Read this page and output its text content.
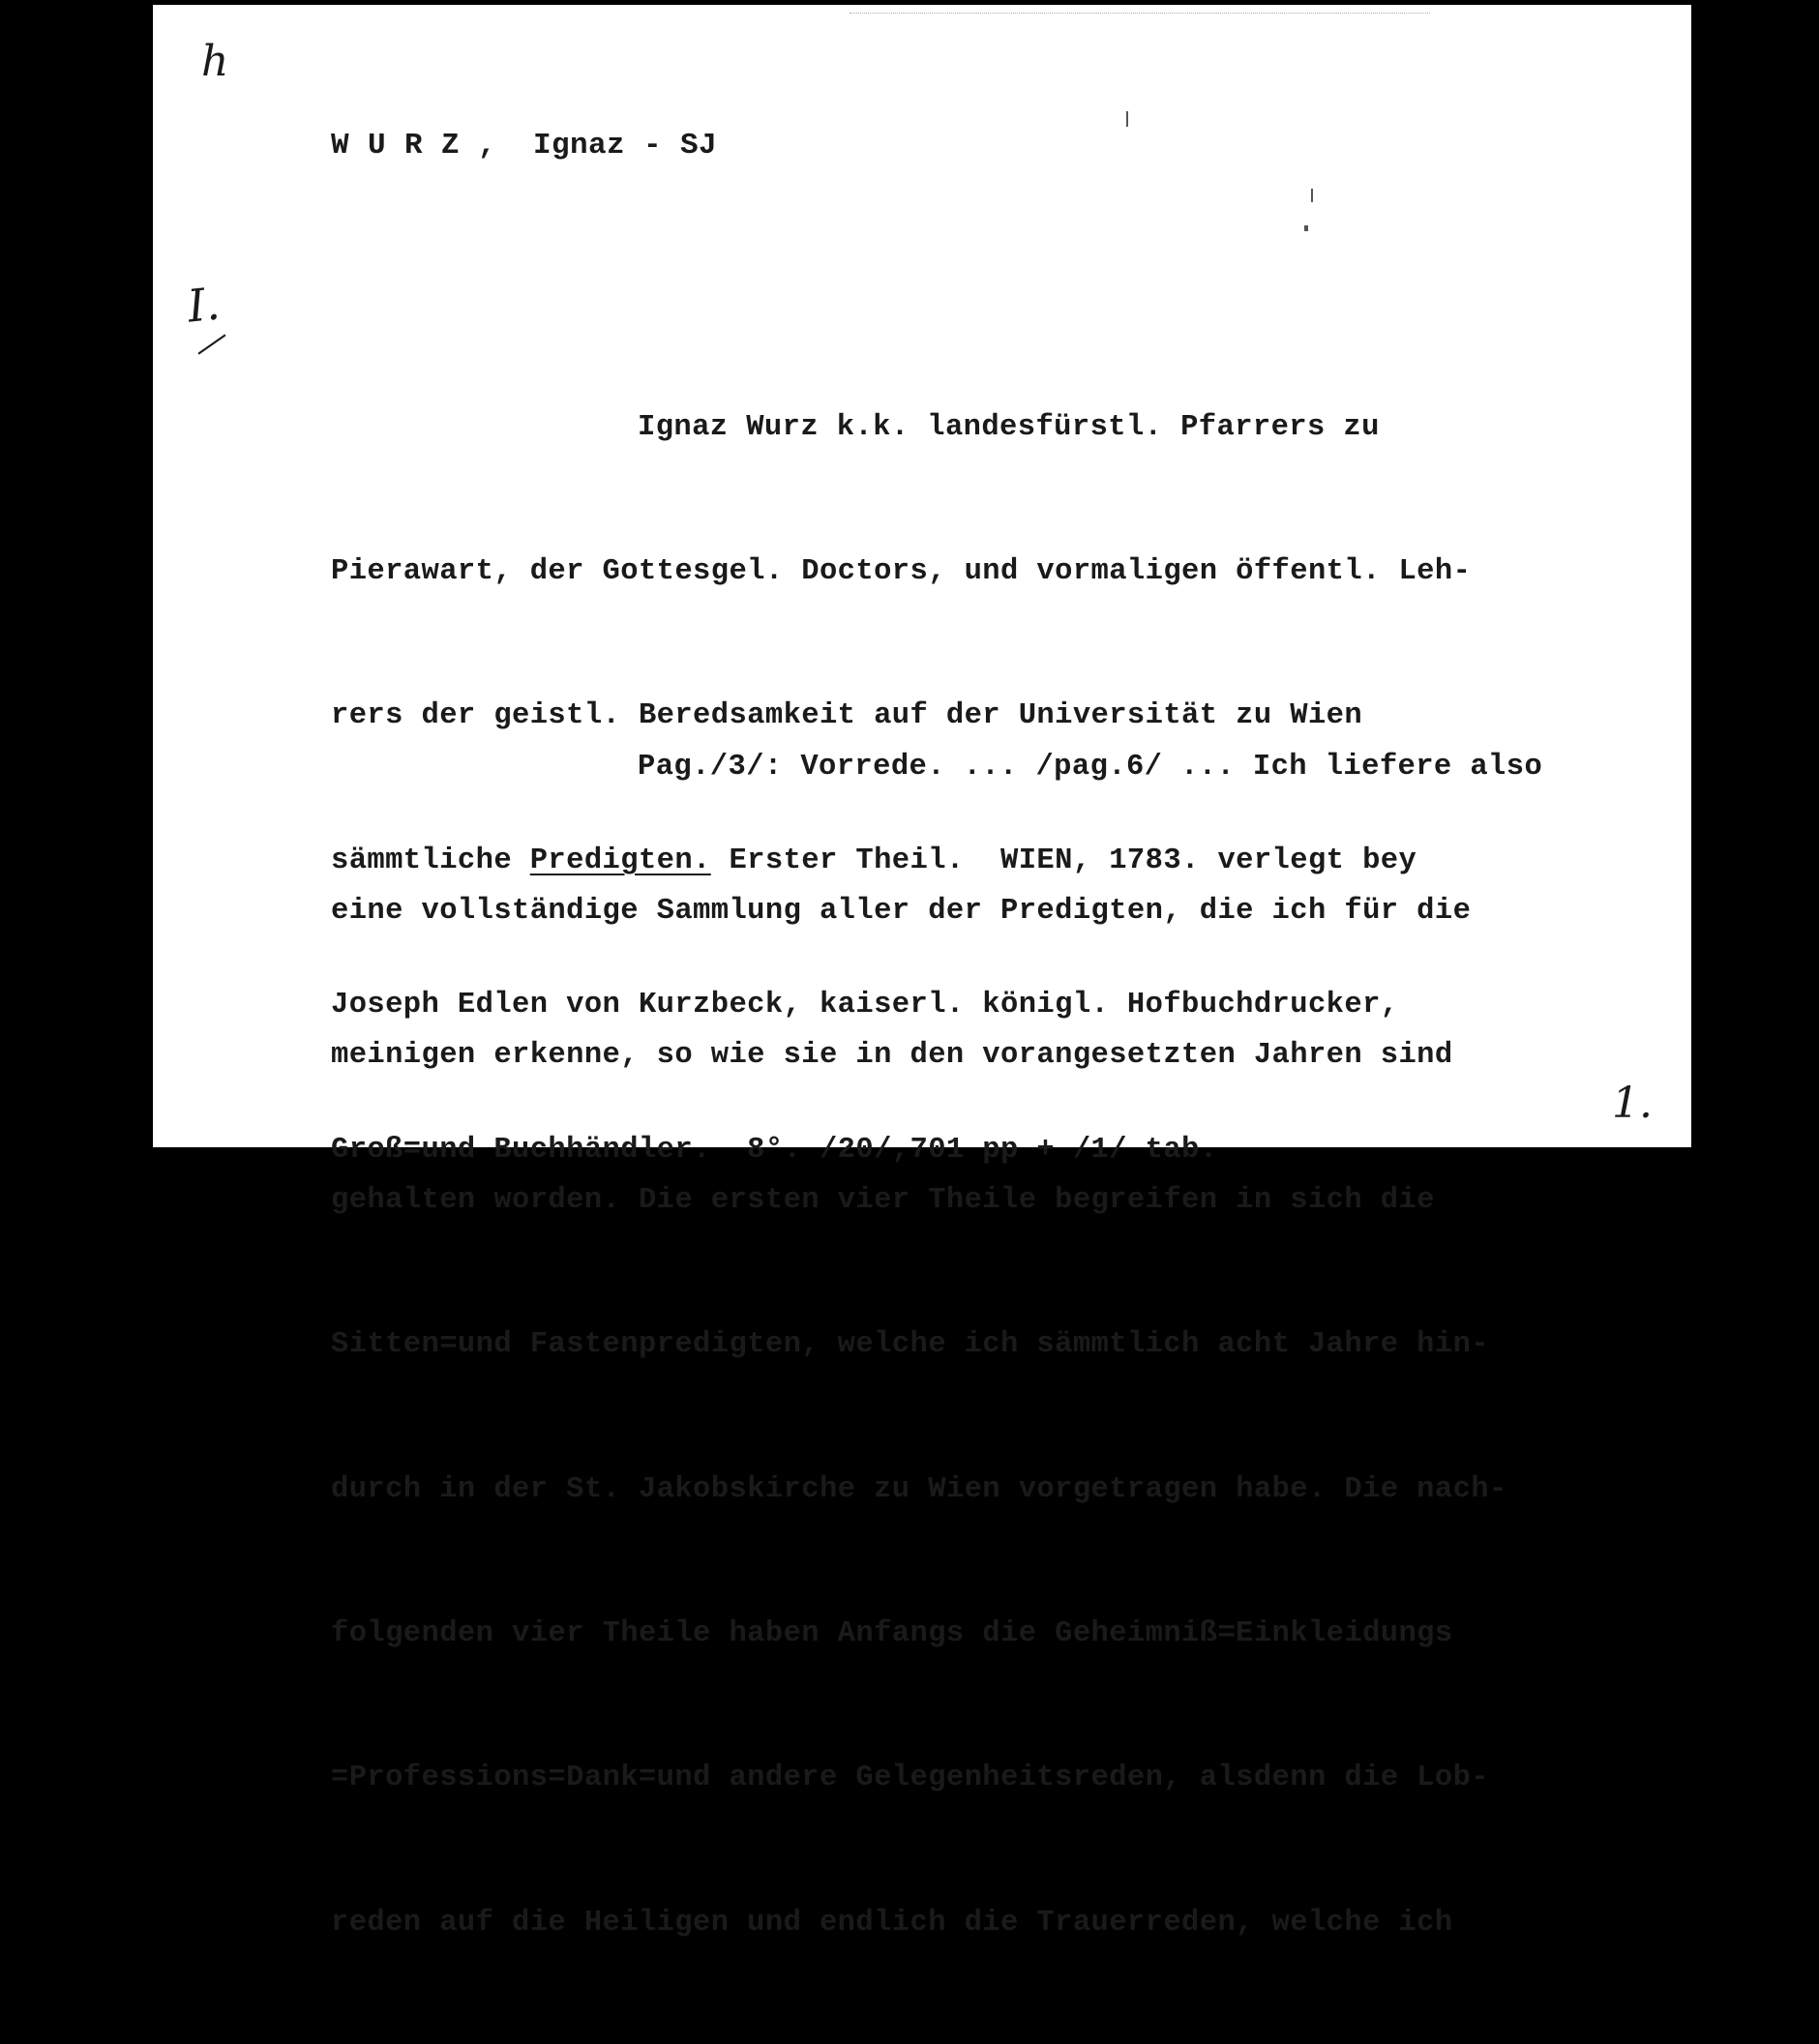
h
I.
1.
W U R Z ,  Ignaz - SJ

Ignaz Wurz k.k. landesfürstl. Pfarrers zu

Pierawart, der Gottesgel. Doctors, und vormaligen öffentl. Leh-

rers der geistl. Beredsamkeit auf der Universität zu Wien

sämmtliche Predigten. Erster Theil.  WIEN, 1783. verlegt bey

Joseph Edlen von Kurzbeck, kaiserl. königl. Hofbuchdrucker,

Groß=und Buchhändler.  8°. /20/,701 pp + /1/ tab.

Pag./3/: Vorrede. ... /pag.6/ ... Ich liefere also

eine vollständige Sammlung aller der Predigten, die ich für die

meinigen erkenne, so wie sie in den vorangesetzten Jahren sind

gehalten worden. Die ersten vier Theile begreifen in sich die

Sitten=und Fastenpredigten, welche ich sämmtlich acht Jahre hin-

durch in der St. Jakobskirche zu Wien vorgetragen habe. Die nach-

folgenden vier Theile haben Anfangs die Geheimniß=Einkleidungs

=Professions=Dank=und andere Gelegenheitsreden, alsdenn die Lob-

reden auf die Heiligen und endlich die Trauerreden, welche ich
